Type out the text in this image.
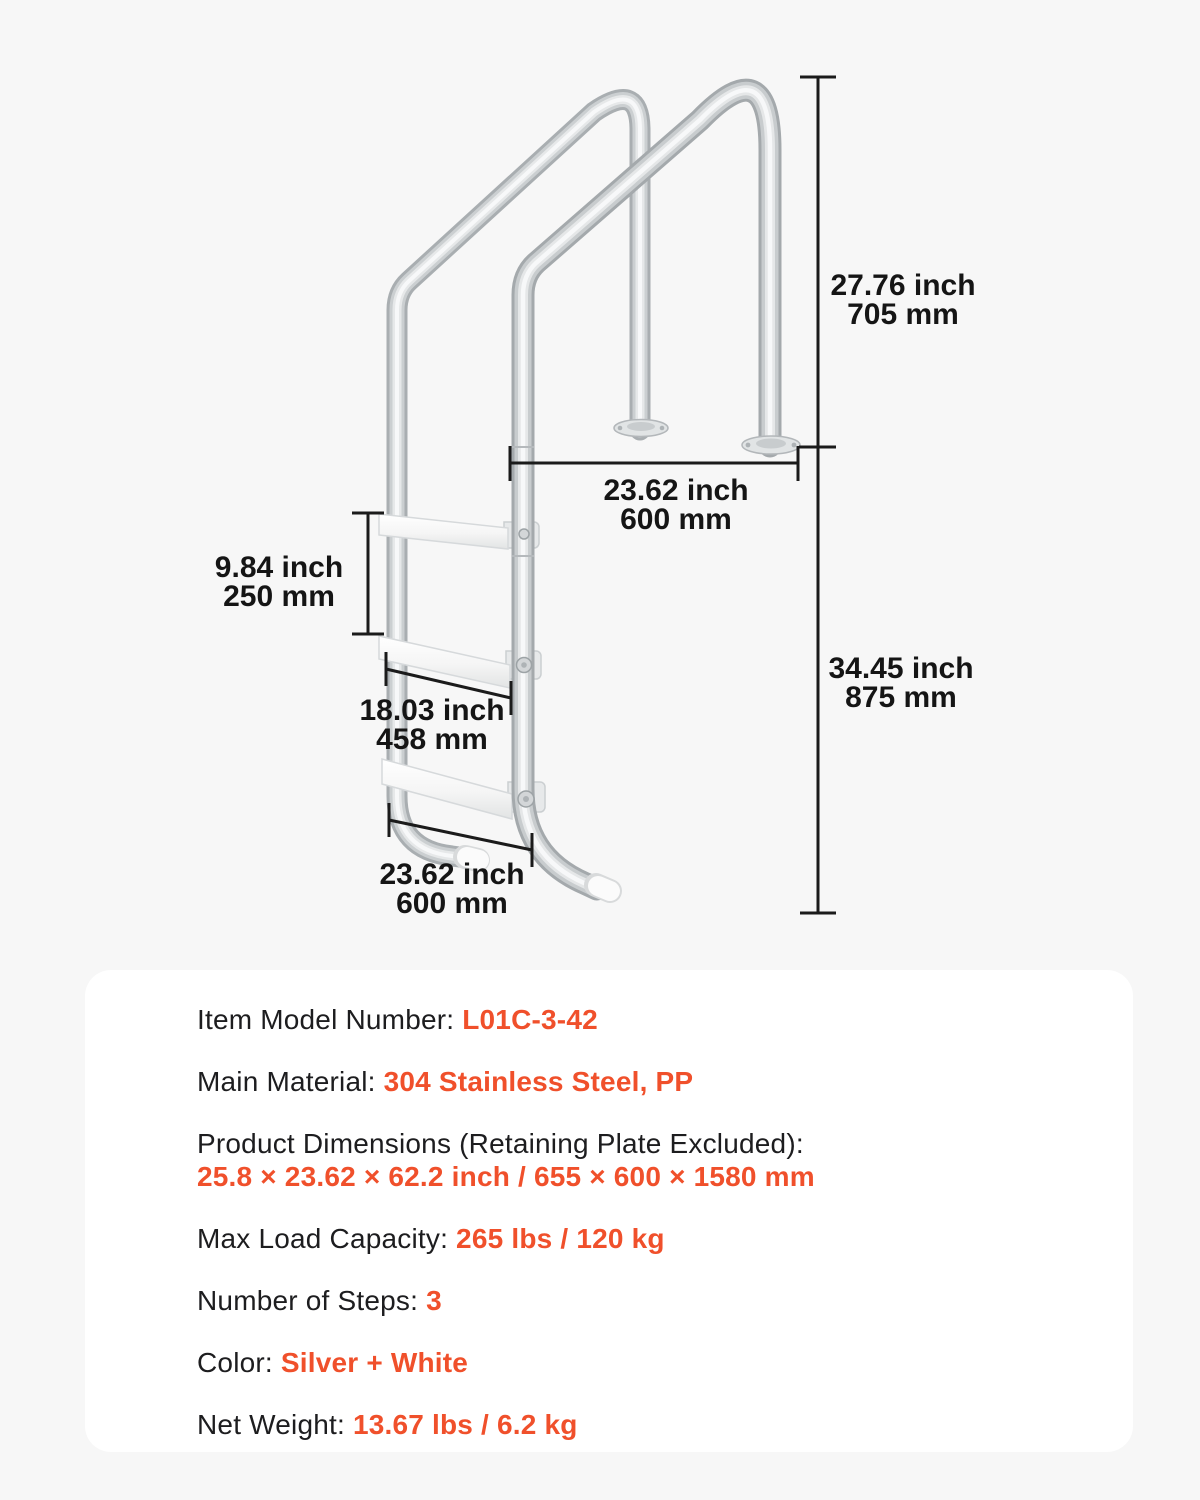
27.76 inch
705 mm
23.62 inch
600 mm
9.84 inch
250 mm
18.03 inch
458 mm
34.45 inch
875 mm
23.62 inch
600 mm
Item Model Number: L01C-3-42
Main Material: 304 Stainless Steel, PP
Product Dimensions (Retaining Plate Excluded):
25.8 × 23.62 × 62.2 inch / 655 × 600 × 1580 mm
Max Load Capacity: 265 lbs / 120 kg
Number of Steps: 3
Color: Silver + White
Net Weight: 13.67 lbs / 6.2 kg
